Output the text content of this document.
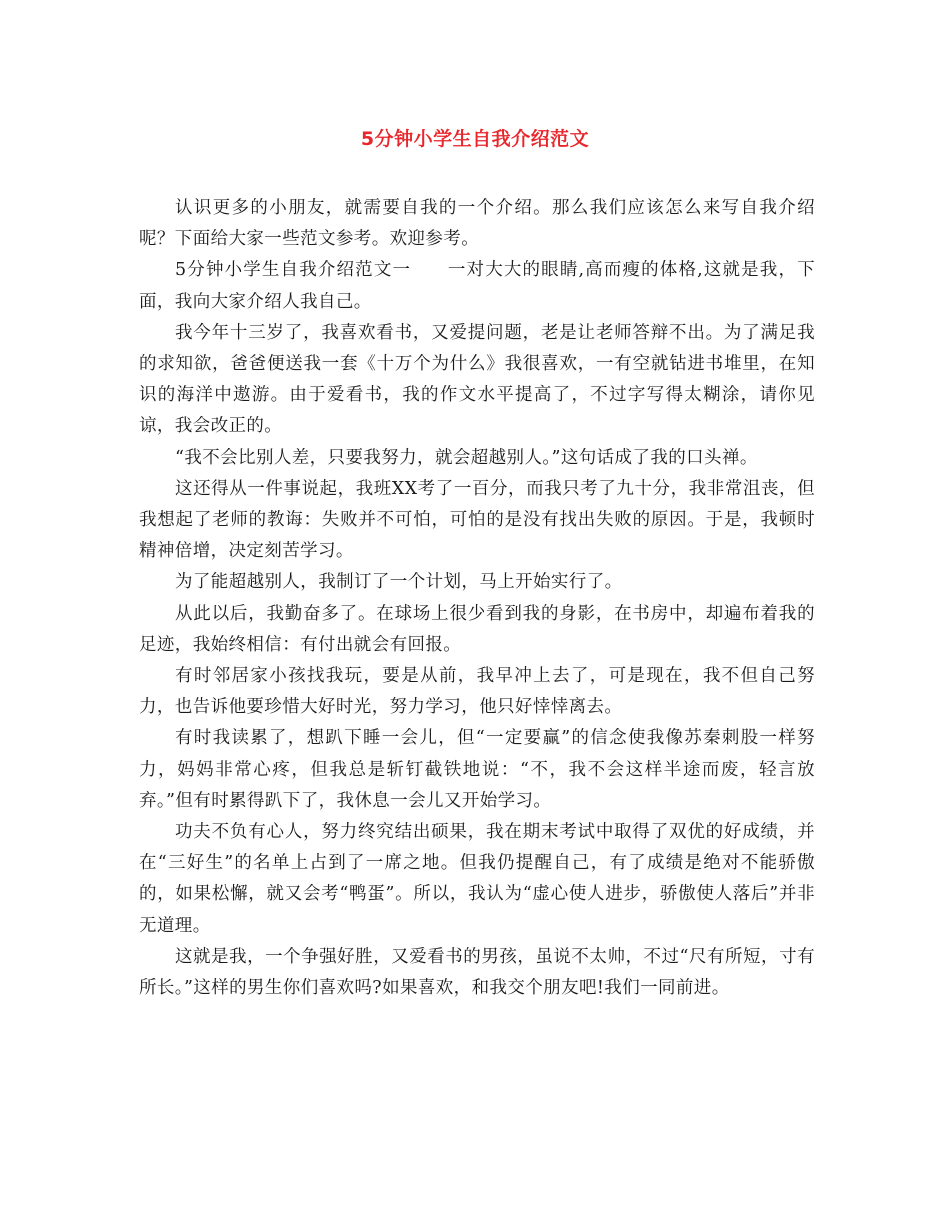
5分钟小学生自我介绍范文

认识更多的小朋友，就需要自我的一个介绍。那么我们应该怎么来写自我介绍呢？下面给大家一些范文参考。欢迎参考。

5分钟小学生自我介绍范文一 一对大大的眼睛,高而瘦的体格,这就是我，下面，我向大家介绍人我自己。

我今年十三岁了，我喜欢看书，又爱提问题，老是让老师答辩不出。为了满足我的求知欲，爸爸便送我一套《十万个为什么》我很喜欢，一有空就钻进书堆里，在知识的海洋中遨游。由于爱看书，我的作文水平提高了，不过字写得太糊涂，请你见谅，我会改正的。

“我不会比别人差，只要我努力，就会超越别人。”这句话成了我的口头禅。

这还得从一件事说起，我班XX考了一百分，而我只考了九十分，我非常沮丧，但我想起了老师的教诲：失败并不可怕，可怕的是没有找出失败的原因。于是，我顿时精神倍增，决定刻苦学习。

为了能超越别人，我制订了一个计划，马上开始实行了。

从此以后，我勤奋多了。在球场上很少看到我的身影，在书房中，却遍布着我的足迹，我始终相信：有付出就会有回报。

有时邻居家小孩找我玩，要是从前，我早冲上去了，可是现在，我不但自己努力，也告诉他要珍惜大好时光，努力学习，他只好悻悻离去。

有时我读累了，想趴下睡一会儿，但“一定要赢”的信念使我像苏秦刺股一样努力，妈妈非常心疼，但我总是斩钉截铁地说：“不，我不会这样半途而废，轻言放弃。”但有时累得趴下了，我休息一会儿又开始学习。

功夫不负有心人，努力终究结出硕果，我在期末考试中取得了双优的好成绩，并在“三好生”的名单上占到了一席之地。但我仍提醒自己，有了成绩是绝对不能骄傲的，如果松懈，就又会考“鸭蛋”。所以，我认为“虚心使人进步，骄傲使人落后”并非无道理。

这就是我，一个争强好胜，又爱看书的男孩，虽说不太帅，不过“尺有所短，寸有所长。”这样的男生你们喜欢吗?如果喜欢，和我交个朋友吧!我们一同前进。
